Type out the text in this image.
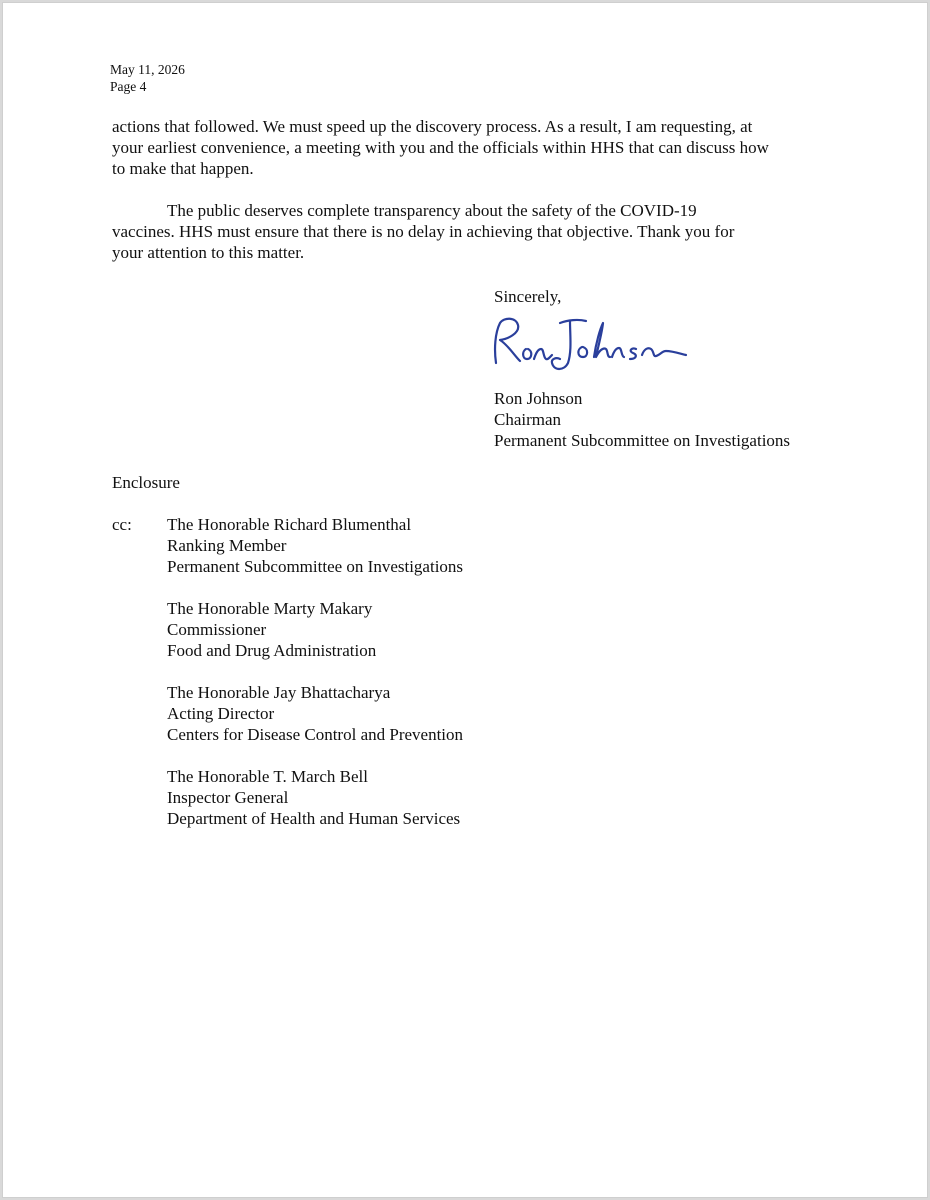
May 11, 2026
Page 4
actions that followed. We must speed up the discovery process. As a result, I am requesting, at
your earliest convenience, a meeting with you and the officials within HHS that can discuss how
to make that happen.
The public deserves complete transparency about the safety of the COVID-19
vaccines. HHS must ensure that there is no delay in achieving that objective. Thank you for
your attention to this matter.
Sincerely,
Ron Johnson
Chairman
Permanent Subcommittee on Investigations
Enclosure
cc: The Honorable Richard Blumenthal
Ranking Member
Permanent Subcommittee on Investigations
The Honorable Marty Makary
Commissioner
Food and Drug Administration
The Honorable Jay Bhattacharya
Acting Director
Centers for Disease Control and Prevention
The Honorable T. March Bell
Inspector General
Department of Health and Human Services
